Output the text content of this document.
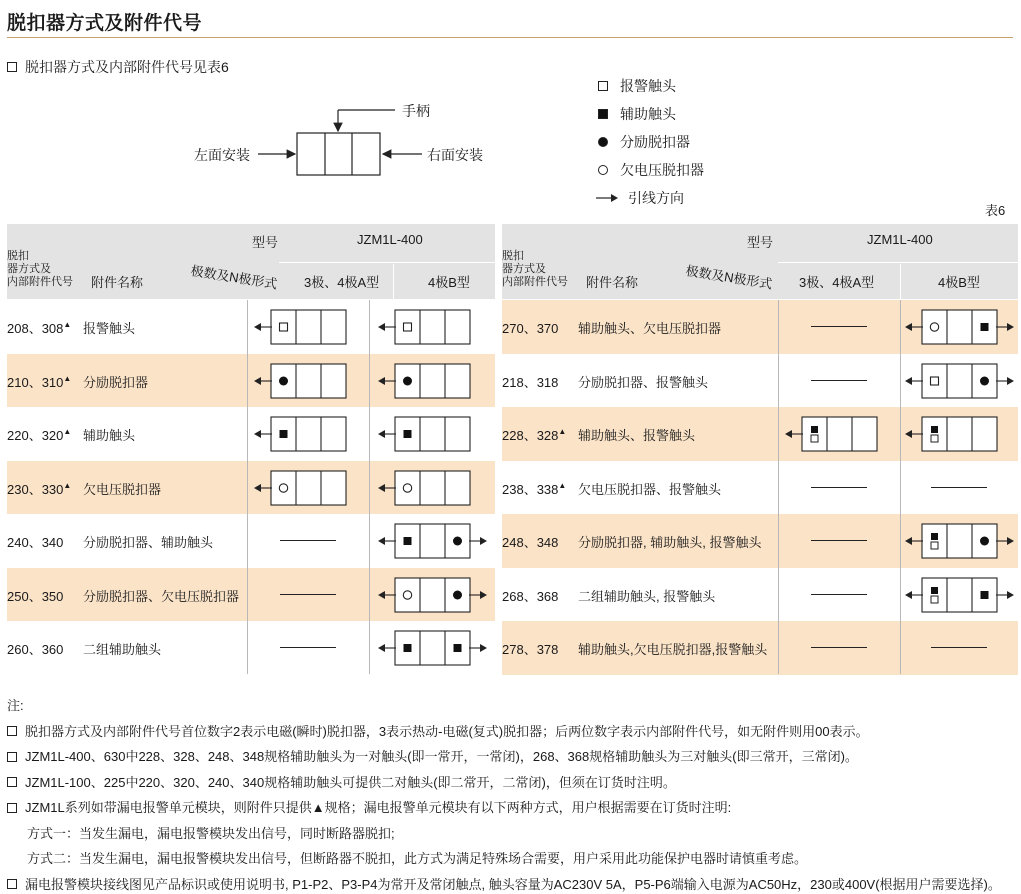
脱扣器方式及附件代号
脱扣器方式及内部附件代号见表6
手柄
左面安装	右面安装
报警触头
辅助触头
分励脱扣器
欠电压脱扣器
引线方向
表6
型号	JZM1L-400
脱扣
器方式及
内部附件代号 附件名称	极数及N极形式 3极、4极A型	4极B型
208、308▲ 报警触头
210、310▲ 分励脱扣器
220、320▲ 辅助触头
230、330▲ 欠电压脱扣器
240、340 分励脱扣器、辅助触头
250、350 分励脱扣器、欠电压脱扣器
260、360 二组辅助触头
型号	JZM1L-400
脱扣
器方式及
内部附件代号 附件名称	极数及N极形式 3极、4极A型	4极B型
270、370 辅助触头、欠电压脱扣器
218、318 分励脱扣器、报警触头
228、328▲ 辅助触头、报警触头
238、338▲ 欠电压脱扣器、报警触头
248、348 分励脱扣器, 辅助触头, 报警触头
268、368 二组辅助触头, 报警触头
278、378 辅助触头,欠电压脱扣器,报警触头
注:
脱扣器方式及内部附件代号首位数字2表示电磁(瞬时)脱扣器，3表示热动-电磁(复式)脱扣器；后两位数字表示内部附件代号，如无附件则用00表示。
JZM1L-400、630中228、328、248、348规格辅助触头为一对触头(即一常开，一常闭)，268、368规格辅助触头为三对触头(即三常开，三常闭)。
JZM1L-100、225中220、320、240、340规格辅助触头可提供二对触头(即二常开，二常闭)，但须在订货时注明。
JZM1L系列如带漏电报警单元模块，则附件只提供▲规格；漏电报警单元模块有以下两种方式，用户根据需要在订货时注明:
方式一：当发生漏电，漏电报警模块发出信号，同时断路器脱扣;
方式二：当发生漏电，漏电报警模块发出信号，但断路器不脱扣，此方式为满足特殊场合需要，用户采用此功能保护电器时请慎重考虑。
漏电报警模块接线图见产品标识或使用说明书, P1-P2、P3-P4为常开及常闭触点, 触头容量为AC230V 5A，P5-P6端输入电源为AC50Hz，230或400V(根据用户需要选择)。
